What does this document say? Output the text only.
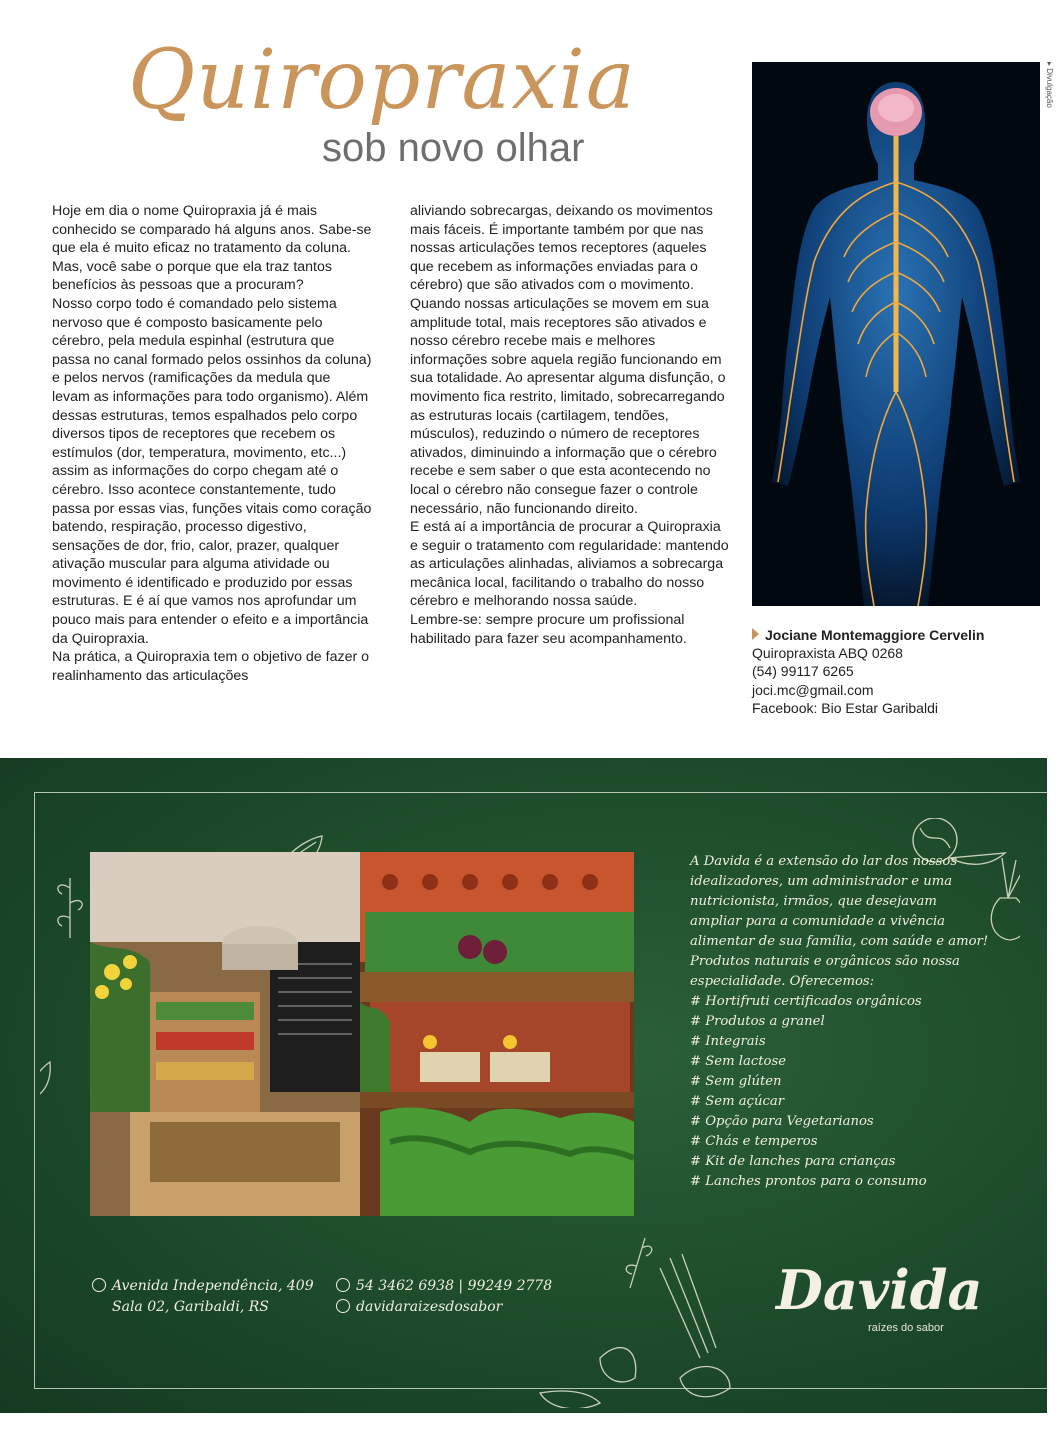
Quiropraxia
sob novo olhar

Hoje em dia o nome Quiropraxia já é mais conhecido se comparado há alguns anos. Sabe-se que ela é muito eficaz no tratamento da coluna. Mas, você sabe o porque que ela traz tantos benefícios às pessoas que a procuram?

Nosso corpo todo é comandado pelo sistema nervoso que é composto basicamente pelo cérebro, pela medula espinhal (estrutura que passa no canal formado pelos ossinhos da coluna) e pelos nervos (ramificações da medula que levam as informações para todo organismo). Além dessas estruturas, temos espalhados pelo corpo diversos tipos de receptores que recebem os estímulos (dor, temperatura, movimento, etc...) assim as informações do corpo chegam até o cérebro. Isso acontece constantemente, tudo passa por essas vias, funções vitais como coração batendo, respiração, processo digestivo, sensações de dor, frio, calor, prazer, qualquer ativação muscular para alguma atividade ou movimento é identificado e produzido por essas estruturas. E é aí que vamos nos aprofundar um pouco mais para entender o efeito e a importância da Quiropraxia.

Na prática, a Quiropraxia tem o objetivo de fazer o realinhamento das articulações

aliviando sobrecargas, deixando os movimentos mais fáceis. É importante também por que nas nossas articulações temos receptores (aqueles que recebem as informações enviadas para o cérebro) que são ativados com o movimento.

Quando nossas articulações se movem em sua amplitude total, mais receptores são ativados e nosso cérebro recebe mais e melhores informações sobre aquela região funcionando em sua totalidade. Ao apresentar alguma disfunção, o movimento fica restrito, limitado, sobrecarregando as estruturas locais (cartilagem, tendões, músculos), reduzindo o número de receptores ativados, diminuindo a informação que o cérebro recebe e sem saber o que esta acontecendo no local o cérebro não consegue fazer o controle necessário, não funcionando direito.

E está aí a importância de procurar a Quiropraxia e seguir o tratamento com regularidade: mantendo as articulações alinhadas, aliviamos a sobrecarga mecânica local, facilitando o trabalho do nosso cérebro e melhorando nossa saúde.

Lembre-se: sempre procure um profissional habilitado para fazer seu acompanhamento.

▸ Divulgação
Jociane Montemaggiore Cervelin
Quiropraxista ABQ 0268
(54) 99117 6265
joci.mc@gmail.com
Facebook: Bio Estar Garibaldi

A Davida é a extensão do lar dos nossos idealizadores, um administrador e uma nutricionista, irmãos, que desejavam ampliar para a comunidade a vivência alimentar de sua família, com saúde e amor!

Produtos naturais e orgânicos são nossa especialidade. Oferecemos:

# Hortifruti certificados orgânicos
# Produtos a granel
# Integrais
# Sem lactose
# Sem glúten
# Sem açúcar
# Opção para Vegetarianos
# Chás e temperos
# Kit de lanches para crianças
# Lanches prontos para o consumo
Avenida Independência, 409
Sala 02, Garibaldi, RS
54 3462 6938 | 99249 2778
davidaraizesdosabor	Davida
raízes do sabor
